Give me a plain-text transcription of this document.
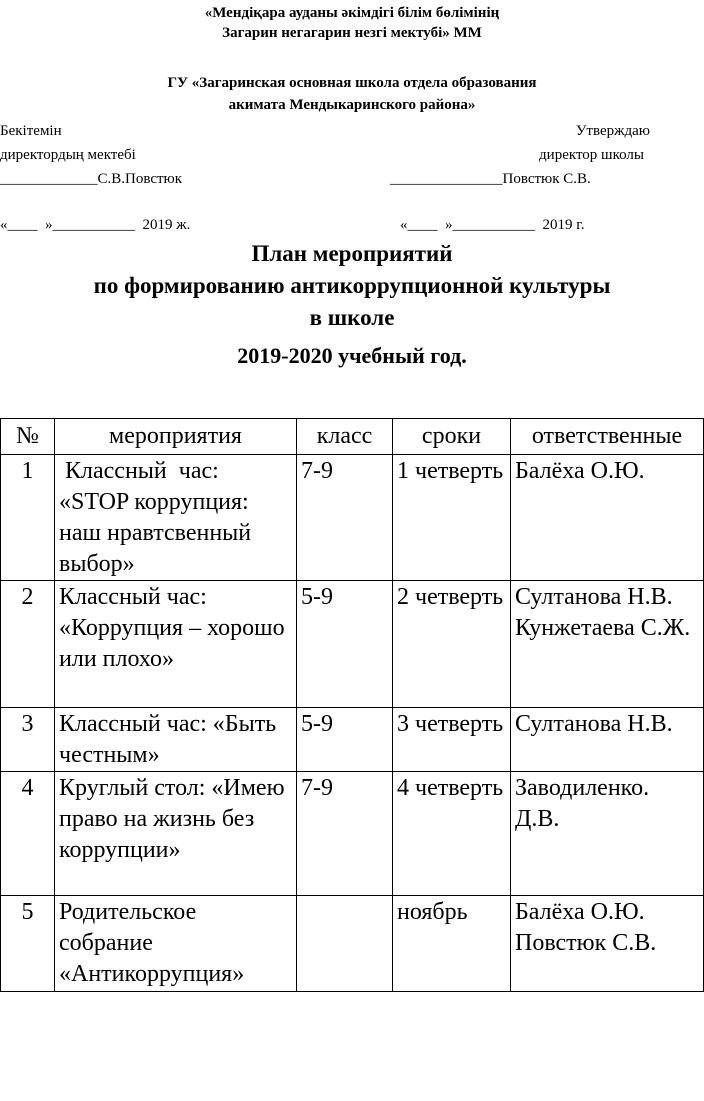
«Мендіқара ауданы әкімдігі білім бөлімінің
Загарин негагарин незгі мектубі» ММ
ГУ «Загаринская основная школа отдела образования
акимата Мендыкаринского района»
Бекітемін
директордың мектебі
_____________С.В.Повстюк
«____  »___________  2019 ж.
Утверждаю
директор школы
_______________Повстюк С.В.
«____  »___________  2019 г.
План мероприятий
по формированию антикоррупционной культуры
в школе
2019-2020 учебный год.
№	мероприятия	класс	сроки	ответственные
1	Классный  час: «STOP коррупция: наш нравтсвенный выбор»	7-9	1 четверть	Балёха О.Ю.
2	Классный час: «Коррупция – хорошо или плохо»	5-9	2 четверть	Султанова Н.В. Кунжетаева С.Ж.
3	Классный час: «Быть честным»	5-9	3 четверть	Султанова Н.В.
4	Круглый стол: «Имею право на жизнь без коррупции»	7-9	4 четверть	Заводиленко. Д.В.
5	Родительское собрание «Антикоррупция»		ноябрь	Балёха О.Ю. Повстюк С.В.
